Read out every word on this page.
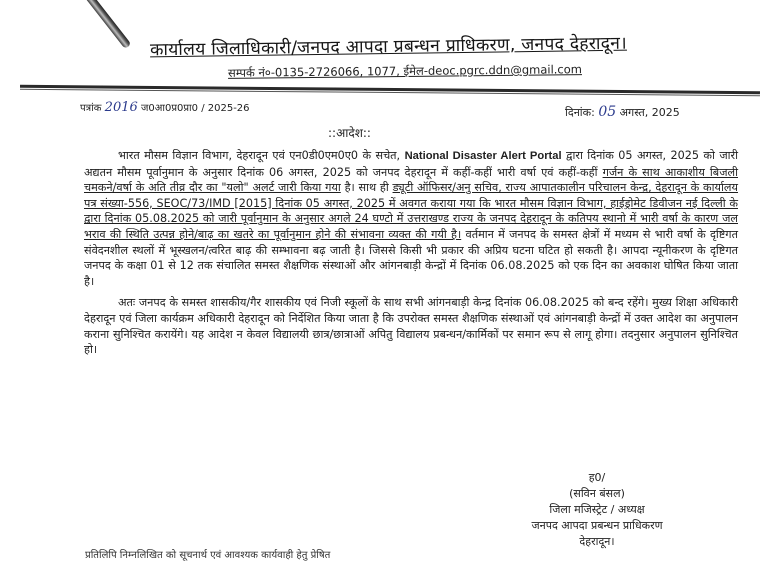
कार्यालय जिलाधिकारी/जनपद आपदा प्रबन्धन प्राधिकरण, जनपद देहरादून।
सम्पर्क नं०-0135-2726066, 1077, ईमेल-deoc.pgrc.ddn@gmail.com
पत्रांक 2016 ज0आ0प्र0प्रा0 / 2025-26	दिनांक: 05 अगस्त, 2025
::आदेश::

भारत मौसम विज्ञान विभाग, देहरादून एवं एन0डी0एम0ए0 के सचेत, National Disaster Alert Portal द्वारा दिनांक 05 अगस्त, 2025 को जारी अद्यतन मौसम पूर्वानुमान के अनुसार दिनांक 06 अगस्त, 2025 को जनपद देहरादून में कहीं-कहीं भारी वर्षा एवं कहीं-कहीं गर्जन के साथ आकाशीय बिजली चमकने/वर्षा के अति तीव्र दौर का "यलो" अलर्ट जारी किया गया है। साथ ही ड्यूटी ऑफिसर/अनु सचिव, राज्य आपातकालीन परिचालन केन्द्र, देहरादून के कार्यालय पत्र संख्या-556, SEOC/73/IMD [2015] दिनांक 05 अगस्त, 2025 में अवगत कराया गया कि भारत मौसम विज्ञान विभाग, हाईड्रोमेट डिवीजन नई दिल्ली के द्वारा दिनांक 05.08.2025 को जारी पूर्वानुमान के अनुसार अगले 24 घण्टो में उत्तराखण्ड राज्य के जनपद देहरादून के कतिपय स्थानो में भारी वर्षा के कारण जल भराव की स्थिति उत्पन्न होने/बाढ़ का खतरे का पूर्वानुमान होने की संभावना व्यक्त की गयी है। वर्तमान में जनपद के समस्त क्षेत्रों में मध्यम से भारी वर्षा के दृष्टिगत संवेदनशील स्थलों में भूस्खलन/त्वरित बाढ़ की सम्भावना बढ़ जाती है। जिससे किसी भी प्रकार की अप्रिय घटना घटित हो सकती है। आपदा न्यूनीकरण के दृष्टिगत जनपद के कक्षा 01 से 12 तक संचालित समस्त शैक्षणिक संस्थाओं और आंगनबाड़ी केन्द्रों में दिनांक 06.08.2025 को एक दिन का अवकाश घोषित किया जाता है।

अतः जनपद के समस्त शासकीय/गैर शासकीय एवं निजी स्कूलों के साथ सभी आंगनबाड़ी केन्द्र दिनांक 06.08.2025 को बन्द रहेंगे। मुख्य शिक्षा अधिकारी देहरादून एवं जिला कार्यक्रम अधिकारी देहरादून को निर्देशित किया जाता है कि उपरोक्त समस्त शैक्षणिक संस्थाओं एवं आंगनबाड़ी केन्द्रों में उक्त आदेश का अनुपालन कराना सुनिश्चित करायेंगे। यह आदेश न केवल विद्यालयी छात्र/छात्राओं अपितु विद्यालय प्रबन्धन/कार्मिकों पर समान रूप से लागू होगा। तदनुसार अनुपालन सुनिश्चित हो।

ह0/
(सविन बंसल)
जिला मजिस्ट्रेट / अध्यक्ष
जनपद आपदा प्रबन्धन प्राधिकरण
देहरादून।
प्रतिलिपि निम्नलिखित को सूचनार्थ एवं आवश्यक कार्यवाही हेतु प्रेषित
